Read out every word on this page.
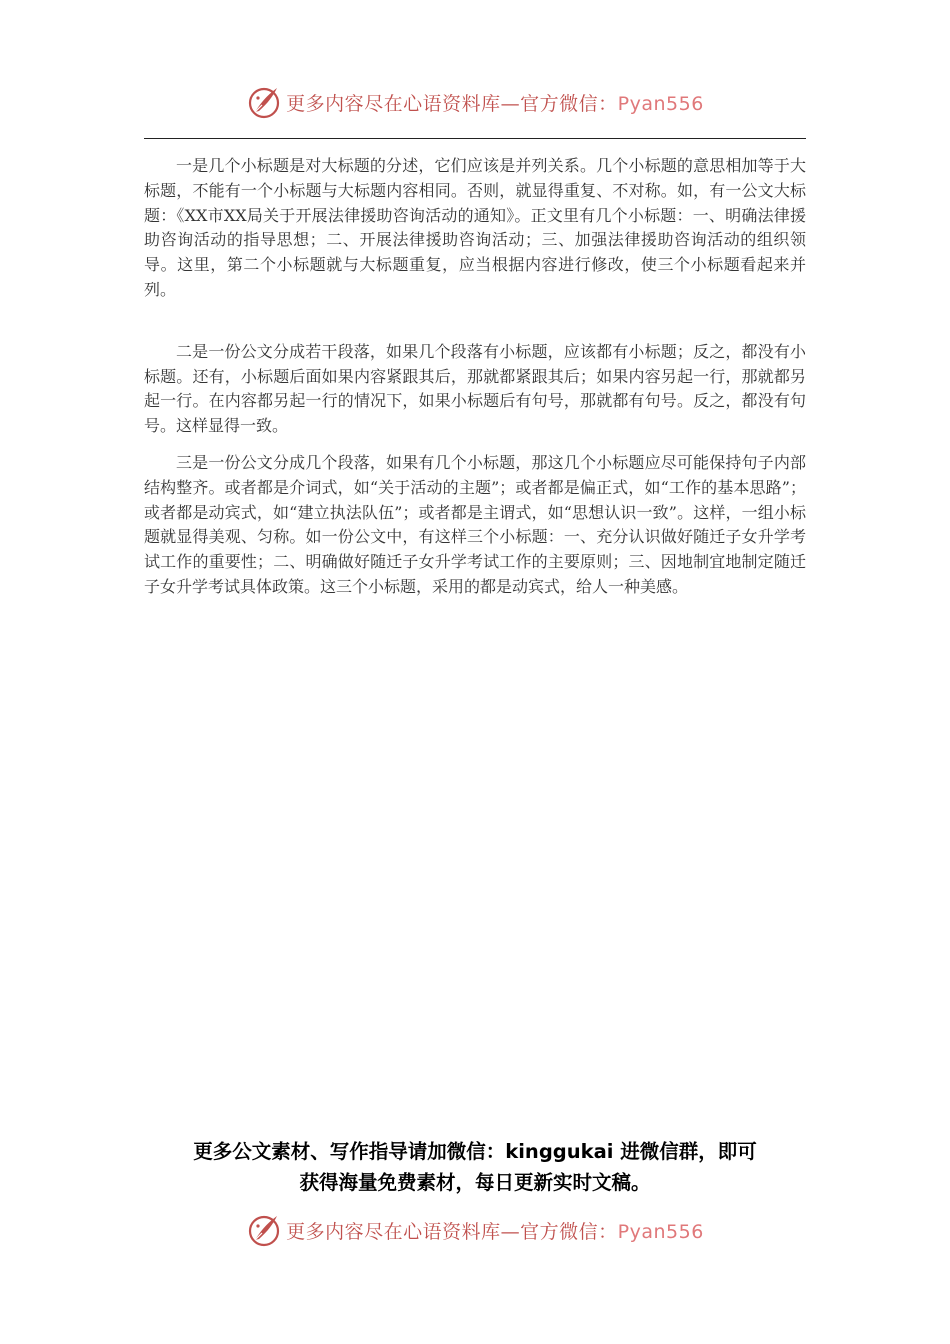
更多内容尽在心语资料库—官方微信：Pyan556

一是几个小标题是对大标题的分述，它们应该是并列关系。几个小标题的意思相加等于大标题，不能有一个小标题与大标题内容相同。否则，就显得重复、不对称。如，有一公文大标题：《XX市XX局关于开展法律援助咨询活动的通知》。正文里有几个小标题：一、明确法律援助咨询活动的指导思想；二、开展法律援助咨询活动；三、加强法律援助咨询活动的组织领导。这里，第二个小标题就与大标题重复，应当根据内容进行修改，使三个小标题看起来并列。

二是一份公文分成若干段落，如果几个段落有小标题，应该都有小标题；反之，都没有小标题。还有，小标题后面如果内容紧跟其后，那就都紧跟其后；如果内容另起一行，那就都另起一行。在内容都另起一行的情况下，如果小标题后有句号，那就都有句号。反之，都没有句号。这样显得一致。

三是一份公文分成几个段落，如果有几个小标题，那这几个小标题应尽可能保持句子内部结构整齐。或者都是介词式，如“关于活动的主题”；或者都是偏正式，如“工作的基本思路”；或者都是动宾式，如“建立执法队伍”；或者都是主谓式，如“思想认识一致”。这样，一组小标题就显得美观、匀称。如一份公文中，有这样三个小标题：一、充分认识做好随迁子女升学考试工作的重要性；二、明确做好随迁子女升学考试工作的主要原则；三、因地制宜地制定随迁子女升学考试具体政策。这三个小标题，采用的都是动宾式，给人一种美感。

更多公文素材、写作指导请加微信：kinggukai 进微信群，即可
获得海量免费素材，每日更新实时文稿。
更多内容尽在心语资料库—官方微信：Pyan556
